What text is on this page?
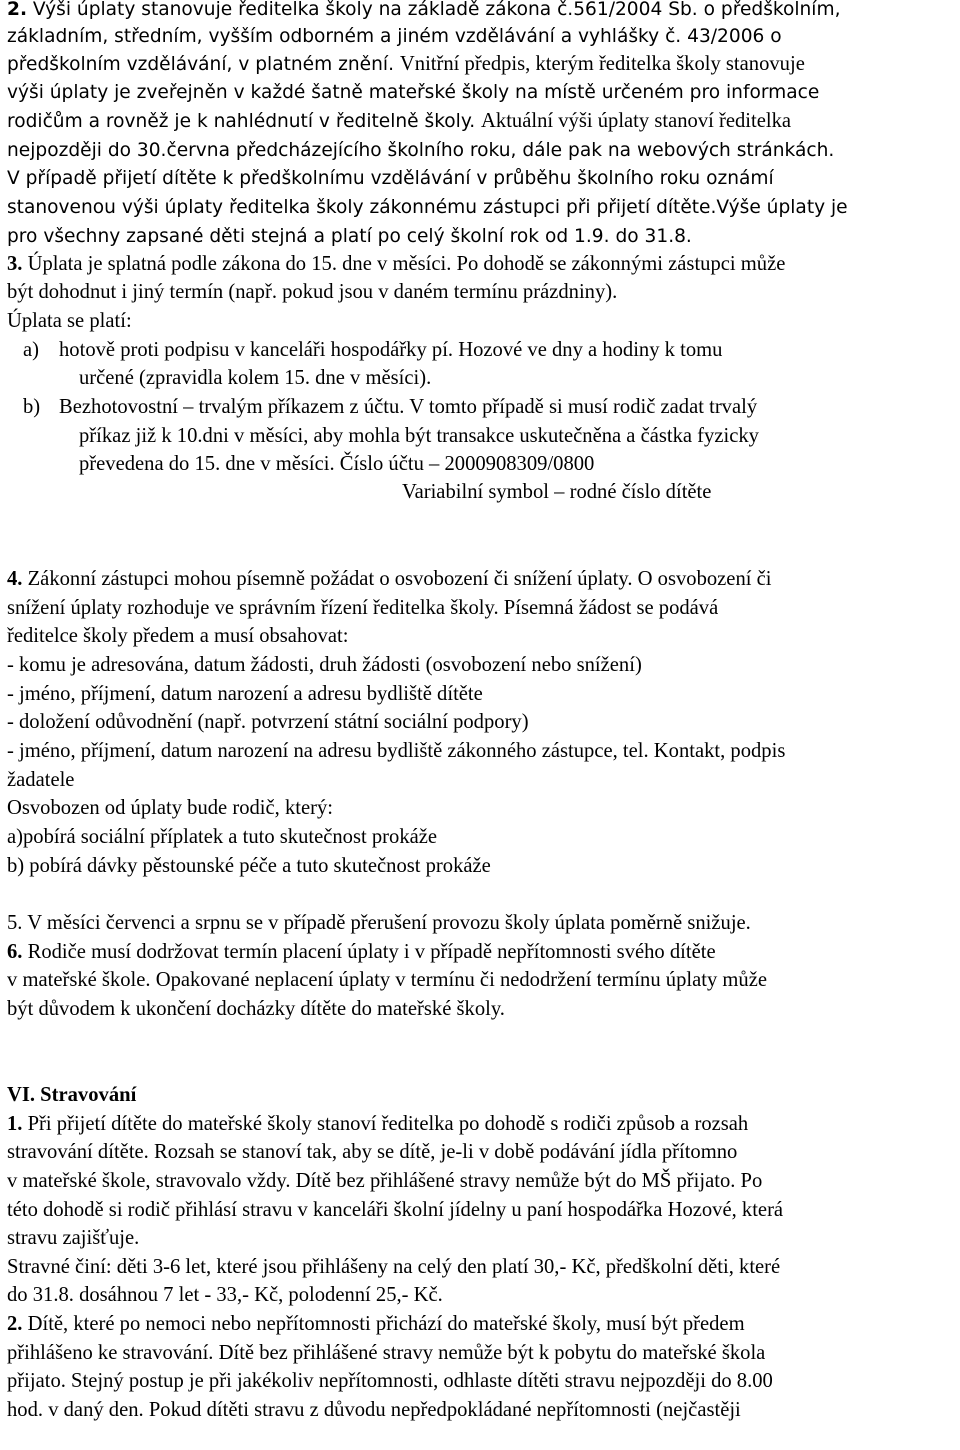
2. Výši úplaty stanovuje ředitelka školy na základě zákona č.561/2004 Sb. o předškolním,
základním, středním, vyšším odborném a jiném vzdělávání a vyhlášky č. 43/2006 o
předškolním vzdělávání, v platném znění. Vnitřní předpis, kterým ředitelka školy stanovuje
výši úplaty je zveřejněn v každé šatně mateřské školy na místě určeném pro informace
rodičům a rovněž je k nahlédnutí v ředitelně školy. Aktuální výši úplaty stanoví ředitelka
nejpozději do 30.června předcházejícího školního roku, dále pak na webových stránkách.
V případě přijetí dítěte k předškolnímu vzdělávání v průběhu školního roku oznámí
stanovenou výši úplaty ředitelka školy zákonnému zástupci při přijetí dítěte.Výše úplaty je
pro všechny zapsané děti stejná a platí po celý školní rok od 1.9. do 31.8.
3. Úplata je splatná podle zákona do 15. dne v měsíci. Po dohodě se zákonnými zástupci může
být dohodnut i jiný termín (např. pokud jsou v daném termínu prázdniny).
Úplata se platí:
a) hotově proti podpisu v kanceláři hospodářky pí. Hozové ve dny a hodiny k tomu
určené (zpravidla kolem 15. dne v měsíci).
b) Bezhotovostní – trvalým příkazem z účtu. V tomto případě si musí rodič zadat trvalý
příkaz již k 10.dni v měsíci, aby mohla být transakce uskutečněna a částka fyzicky
převedena do 15. dne v měsíci. Číslo účtu – 2000908309/0800
Variabilní symbol – rodné číslo dítěte
4. Zákonní zástupci mohou písemně požádat o osvobození či snížení úplaty. O osvobození či
snížení úplaty rozhoduje ve správním řízení ředitelka školy. Písemná žádost se podává
ředitelce školy předem a musí obsahovat:
- komu je adresována, datum žádosti, druh žádosti (osvobození nebo snížení)
- jméno, příjmení, datum narození a adresu bydliště dítěte
- doložení odůvodnění (např. potvrzení státní sociální podpory)
- jméno, příjmení, datum narození na adresu bydliště zákonného zástupce, tel. Kontakt, podpis
žadatele
Osvobozen od úplaty bude rodič, který:
a)pobírá sociální příplatek a tuto skutečnost prokáže
b) pobírá dávky pěstounské péče a tuto skutečnost prokáže
5. V měsíci červenci a srpnu se v případě přerušení provozu školy úplata poměrně snižuje.
6. Rodiče musí dodržovat termín placení úplaty i v případě nepřítomnosti svého dítěte
v mateřské škole. Opakované neplacení úplaty v termínu či nedodržení termínu úplaty může
být důvodem k ukončení docházky dítěte do mateřské školy.
VI. Stravování
1. Při přijetí dítěte do mateřské školy stanoví ředitelka po dohodě s rodiči způsob a rozsah
stravování dítěte. Rozsah se stanoví tak, aby se dítě, je-li v době podávání jídla přítomno
v mateřské škole, stravovalo vždy. Dítě bez přihlášené stravy nemůže být do MŠ přijato. Po
této dohodě si rodič přihlásí stravu v kanceláři školní jídelny u paní hospodářka Hozové, která
stravu zajišťuje.
Stravné činí: děti 3-6 let, které jsou přihlášeny na celý den platí 30,- Kč, předškolní děti, které
do 31.8. dosáhnou 7 let - 33,- Kč, polodenní 25,- Kč.
2. Dítě, které po nemoci nebo nepřítomnosti přichází do mateřské školy, musí být předem
přihlášeno ke stravování. Dítě bez přihlášené stravy nemůže být k pobytu do mateřské škola
přijato. Stejný postup je při jakékoliv nepřítomnosti, odhlaste dítěti stravu nejpozději do 8.00
hod. v daný den. Pokud dítěti stravu z důvodu nepředpokládané nepřítomnosti (nejčastěji
